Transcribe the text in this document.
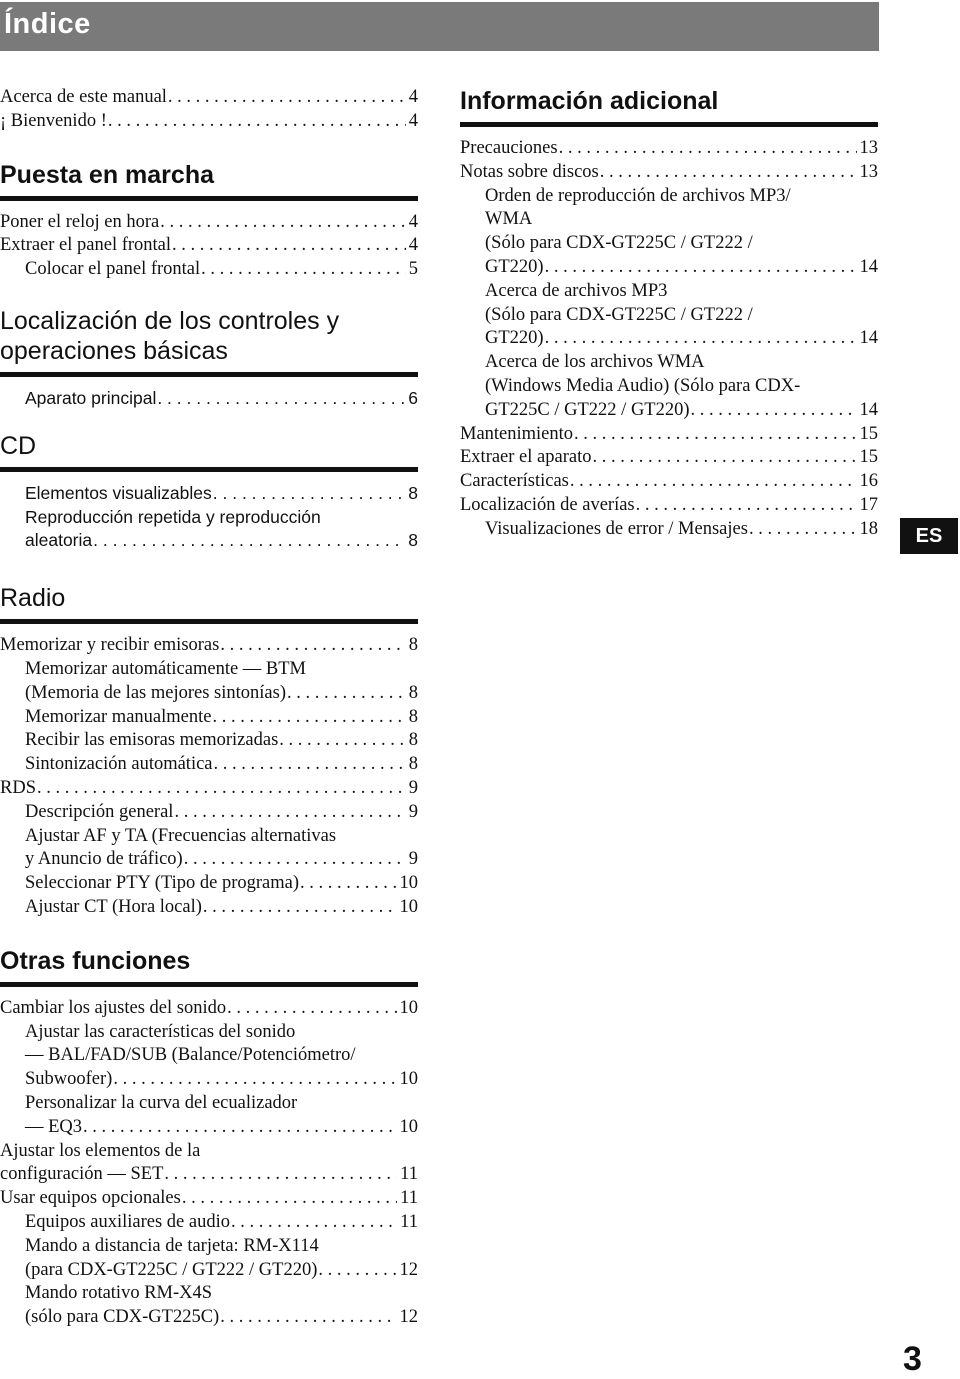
Índice
Acerca de este manual . . .	4
¡ Bienvenido ! . . .	4
Puesta en marcha
Poner el reloj en hora . . .	4
Extraer el panel frontal . . .	4
Colocar el panel frontal . . .	5
Localización de los controles y
operaciones básicas
Aparato principal . . .	6
CD
Elementos visualizables . . .	8
Reproducción repetida y reproducción
aleatoria . . .	8
Radio
Memorizar y recibir emisoras . . .	8
Memorizar automáticamente — BTM
(Memoria de las mejores sintonías) . . .	8
Memorizar manualmente . . .	8
Recibir las emisoras memorizadas . . .	8
Sintonización automática . . .	8
RDS . . .	9
Descripción general . . .	9
Ajustar AF y TA (Frecuencias alternativas
y Anuncio de tráfico) . . .	9
Seleccionar PTY (Tipo de programa) . . .	10
Ajustar CT (Hora local) . . .	10
Otras funciones
Cambiar los ajustes del sonido . . .	10
Ajustar las características del sonido
— BAL/FAD/SUB (Balance/Potenciómetro/
Subwoofer) . . .	10
Personalizar la curva del ecualizador
— EQ3 . . .	10
Ajustar los elementos de la
configuración — SET . . .	11
Usar equipos opcionales . . .	11
Equipos auxiliares de audio . . .	11
Mando a distancia de tarjeta: RM-X114
(para CDX-GT225C / GT222 / GT220) . . .	12
Mando rotativo RM-X4S
(sólo para CDX-GT225C) . . .	12
Información adicional
Precauciones . . .	13
Notas sobre discos . . .	13
Orden de reproducción de archivos MP3/
WMA
(Sólo para CDX-GT225C / GT222 /
GT220) . . .	14
Acerca de archivos MP3
(Sólo para CDX-GT225C / GT222 /
GT220) . . .	14
Acerca de los archivos WMA
(Windows Media Audio) (Sólo para CDX-
GT225C / GT222 / GT220) . . .	14
Mantenimiento . . .	15
Extraer el aparato . . .	15
Características . . .	16
Localización de averías . . .	17
Visualizaciones de error / Mensajes . . .	18	ES
3
